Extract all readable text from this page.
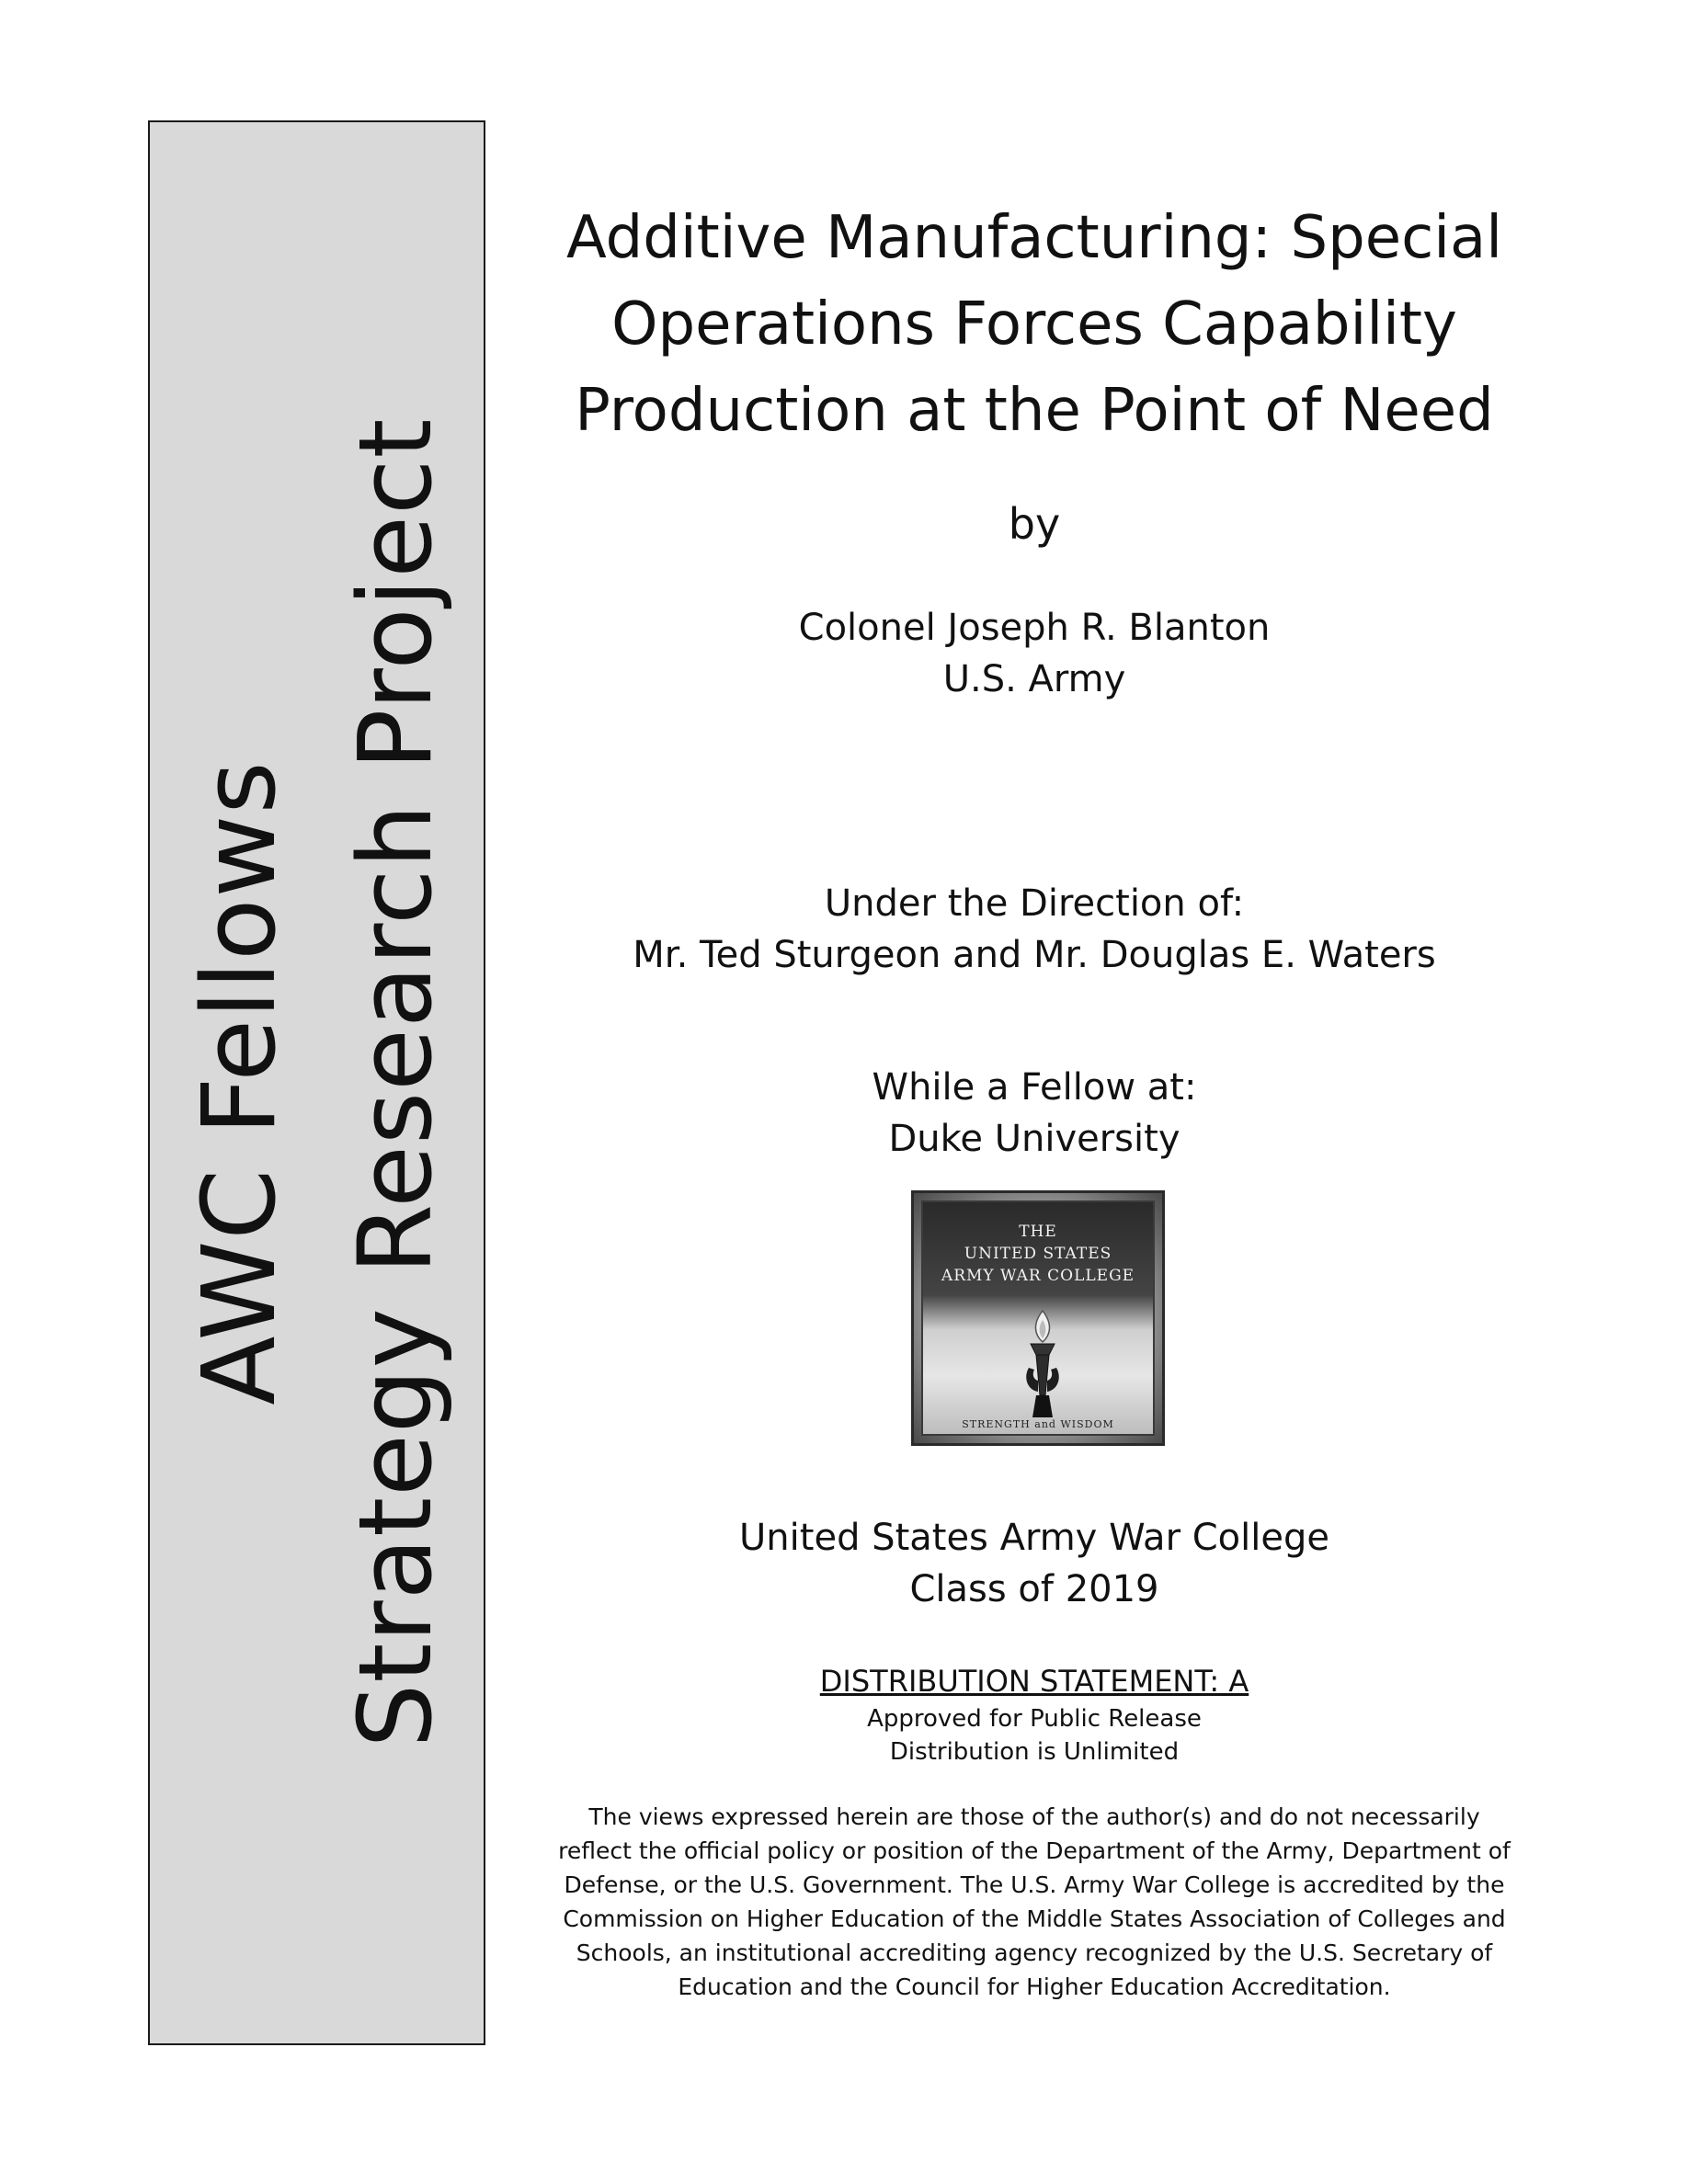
AWC Fellows Strategy Research Project
Additive Manufacturing: Special
Operations Forces Capability
Production at the Point of Need
by
Colonel Joseph R. Blanton
U.S. Army
Under the Direction of:
Mr. Ted Sturgeon and Mr. Douglas E. Waters
While a Fellow at:
Duke University
THE
UNITED STATES
ARMY WAR COLLEGE
STRENGTH and WISDOM
United States Army War College
Class of 2019
DISTRIBUTION STATEMENT: A
Approved for Public Release
Distribution is Unlimited
The views expressed herein are those of the author(s) and do not necessarily reflect the official policy or position of the Department of the Army, Department of Defense, or the U.S. Government. The U.S. Army War College is accredited by the Commission on Higher Education of the Middle States Association of Colleges and Schools, an institutional accrediting agency recognized by the U.S. Secretary of Education and the Council for Higher Education Accreditation.
